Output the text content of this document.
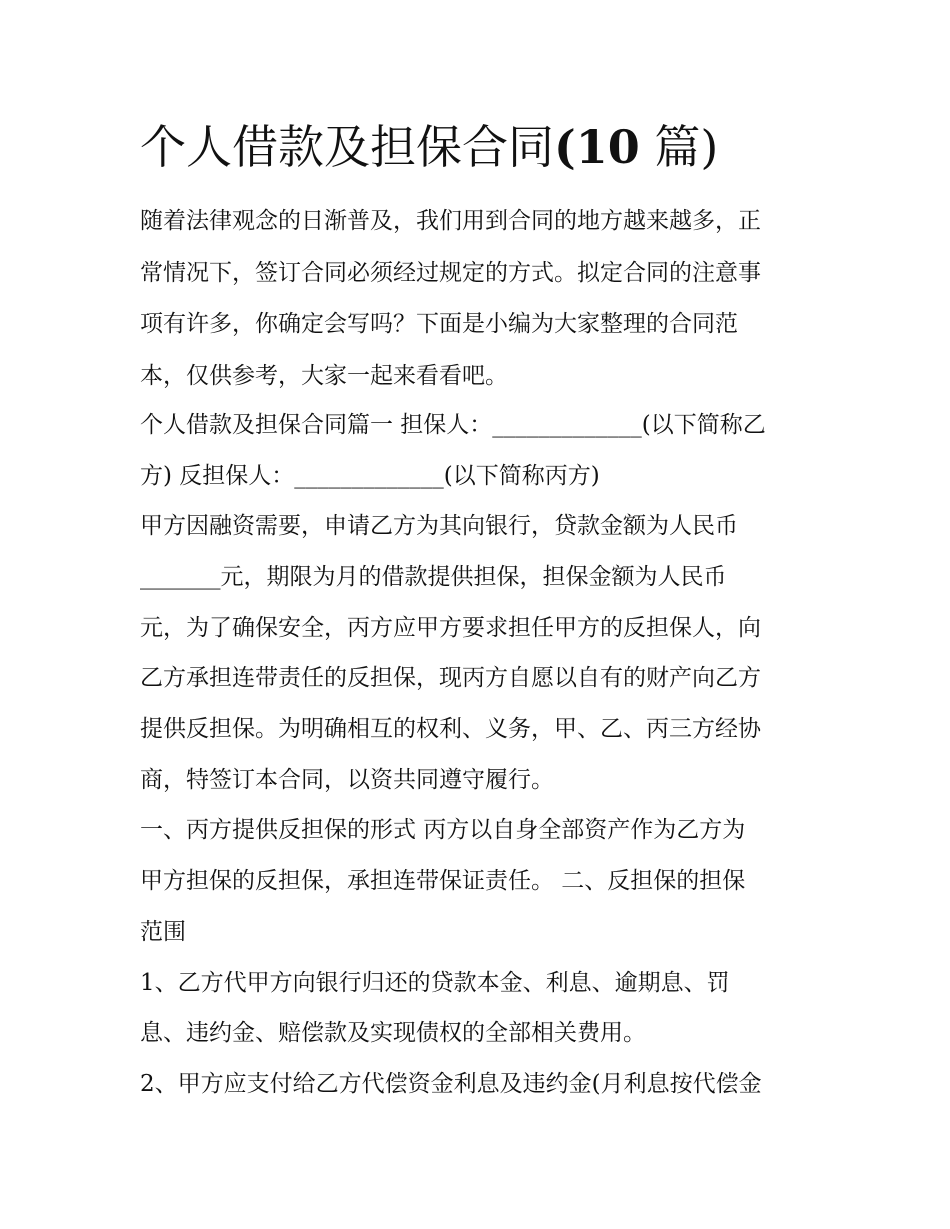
个人借款及担保合同(10 篇)

随着法律观念的日渐普及，我们用到合同的地方越来越多，正

常情况下，签订合同必须经过规定的方式。拟定合同的注意事

项有许多，你确定会写吗？下面是小编为大家整理的合同范

本，仅供参考，大家一起来看看吧。

个人借款及担保合同篇一 担保人：_____________(以下简称乙

方) 反担保人：_____________(以下简称丙方)

甲方因融资需要，申请乙方为其向银行，贷款金额为人民币

_______元，期限为月的借款提供担保，担保金额为人民币

元，为了确保安全，丙方应甲方要求担任甲方的反担保人，向

乙方承担连带责任的反担保，现丙方自愿以自有的财产向乙方

提供反担保。为明确相互的权利、义务，甲、乙、丙三方经协

商，特签订本合同，以资共同遵守履行。

一、丙方提供反担保的形式 丙方以自身全部资产作为乙方为

甲方担保的反担保，承担连带保证责任。 二、反担保的担保

范围

1、乙方代甲方向银行归还的贷款本金、利息、逾期息、罚

息、违约金、赔偿款及实现债权的全部相关费用。

2、甲方应支付给乙方代偿资金利息及违约金(月利息按代偿金
